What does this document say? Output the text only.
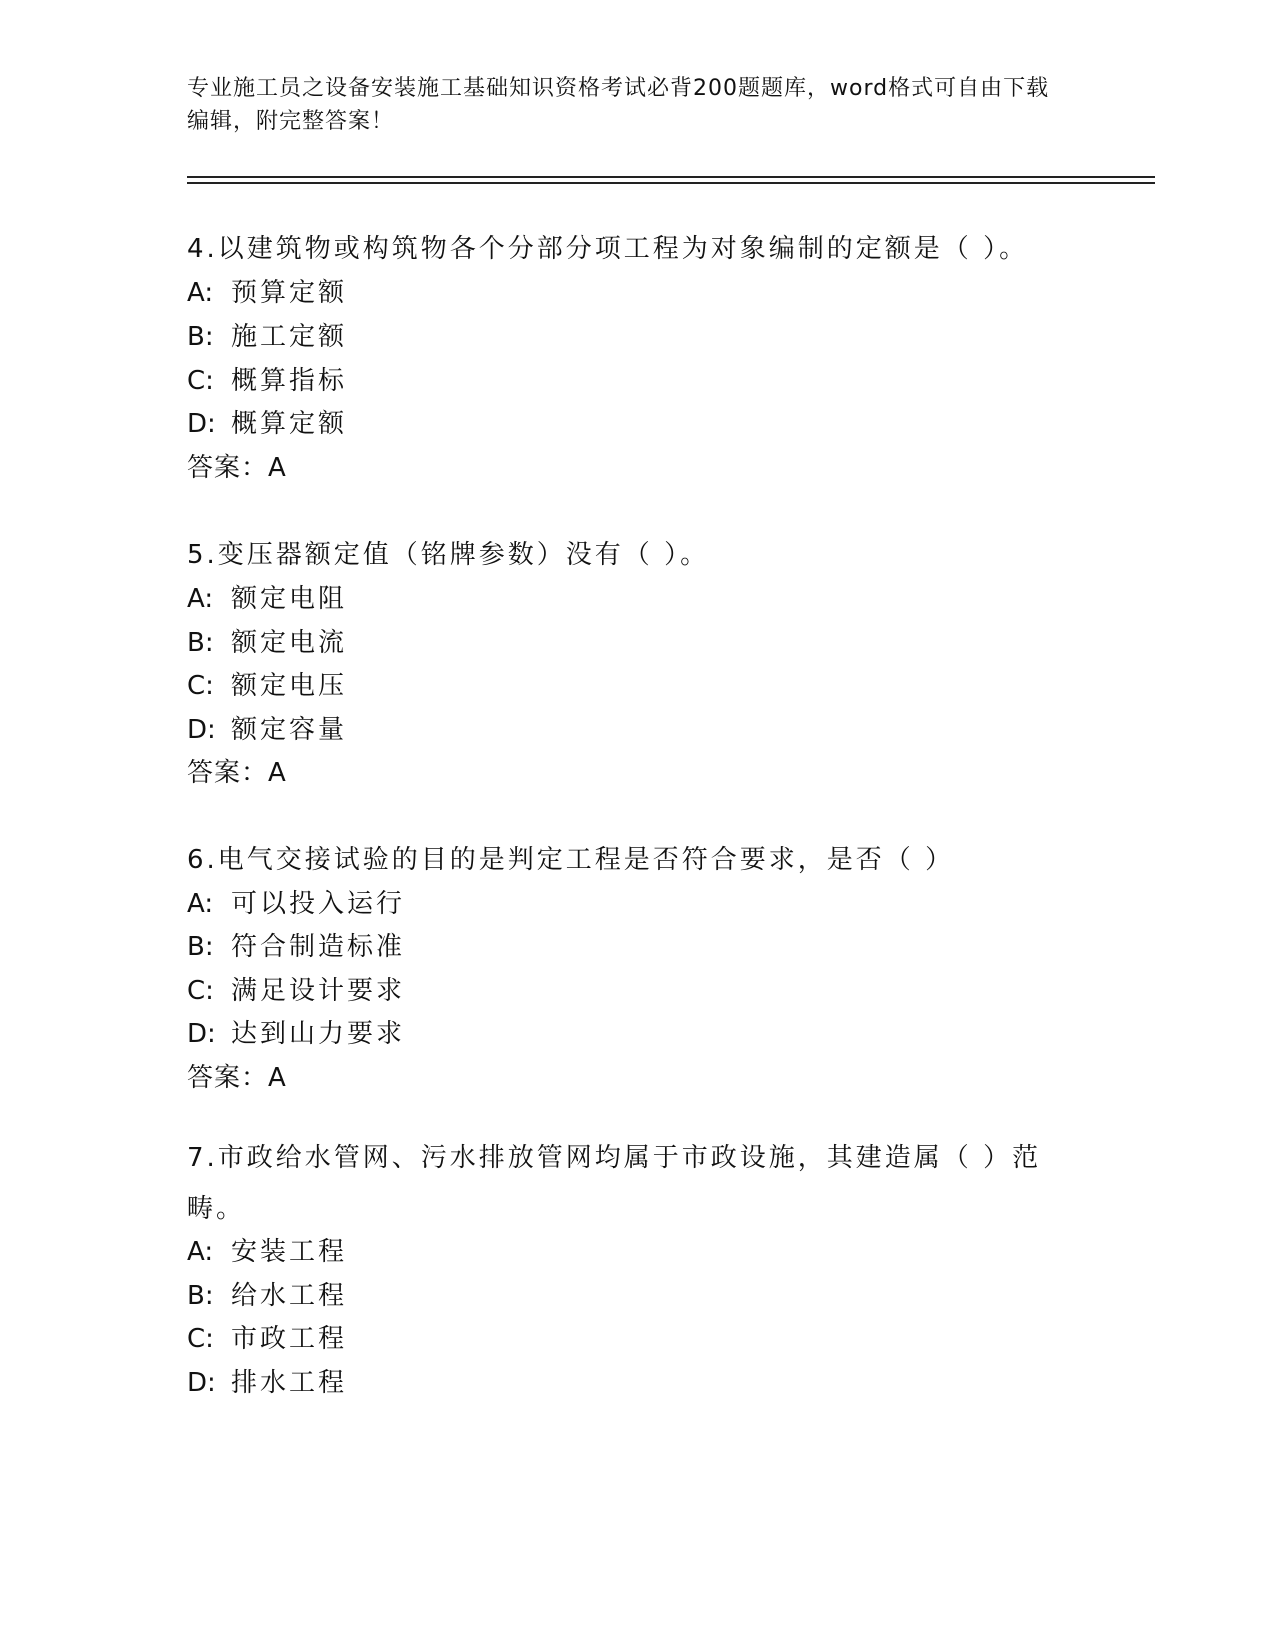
专业施工员之设备安装施工基础知识资格考试必背200题题库，word格式可自由下载编辑，附完整答案！
4.以建筑物或构筑物各个分部分项工程为对象编制的定额是（ ）。
A: 预算定额
B: 施工定额
C: 概算指标
D: 概算定额
答案：A
5.变压器额定值（铭牌参数）没有（ ）。
A: 额定电阻
B: 额定电流
C: 额定电压
D: 额定容量
答案：A
6.电气交接试验的目的是判定工程是否符合要求，是否（ ）
A: 可以投入运行
B: 符合制造标准
C: 满足设计要求
D: 达到山力要求
答案：A
7.市政给水管网、污水排放管网均属于市政设施，其建造属（ ）范畴。
A: 安装工程
B: 给水工程
C: 市政工程
D: 排水工程
